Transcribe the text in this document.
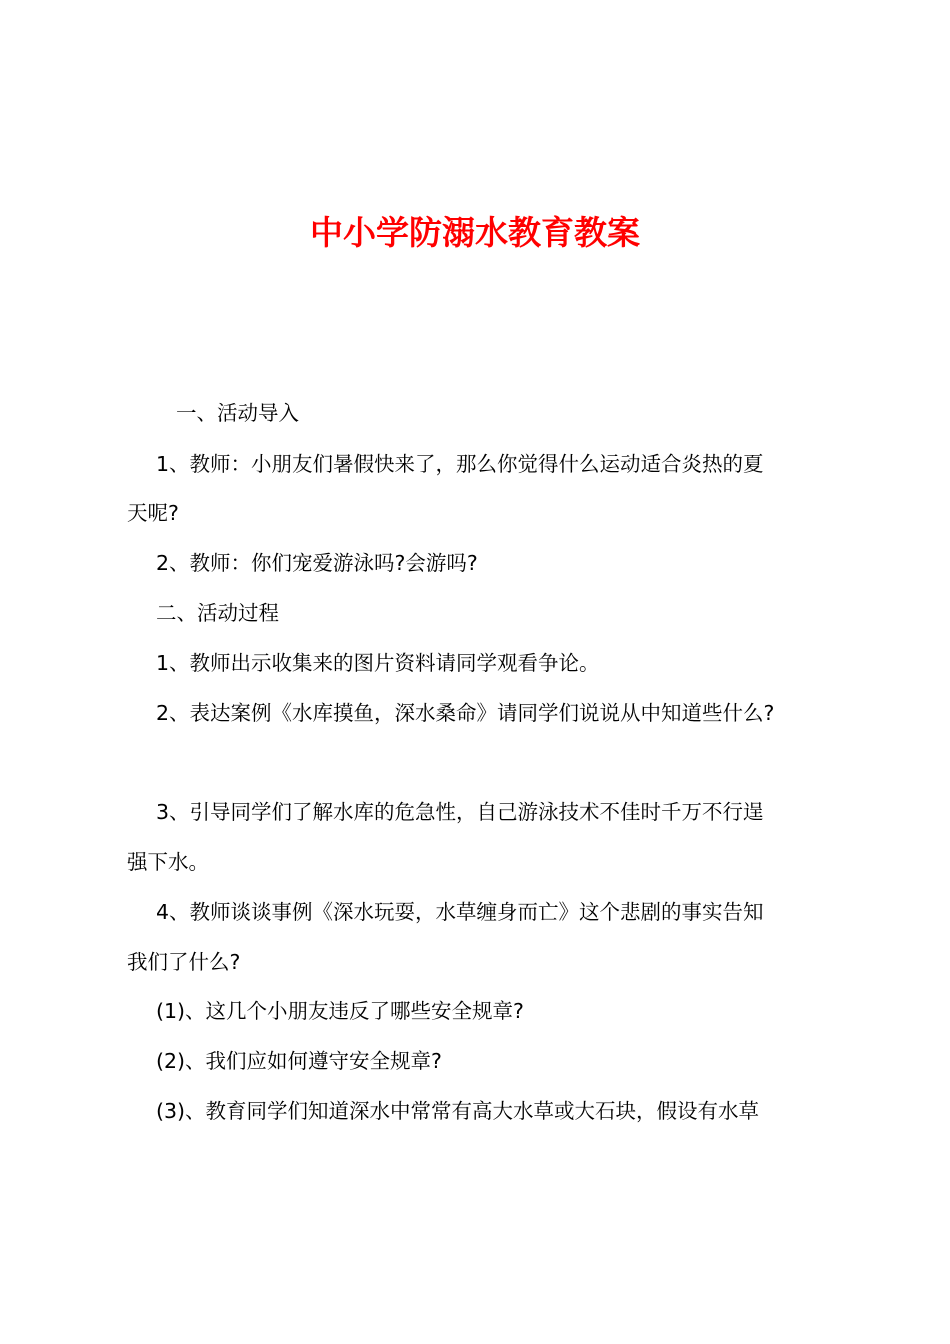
中小学防溺水教育教案

一、活动导入

1、教师：小朋友们暑假快来了，那么你觉得什么运动适合炎热的夏

天呢?

2、教师：你们宠爱游泳吗?会游吗?

二、活动过程

1、教师出示收集来的图片资料请同学观看争论。

2、表达案例《水库摸鱼，深水桑命》请同学们说说从中知道些什么?

3、引导同学们了解水库的危急性，自己游泳技术不佳时千万不行逞

强下水。

4、教师谈谈事例《深水玩耍，水草缠身而亡》这个悲剧的事实告知

我们了什么?

(1)、这几个小朋友违反了哪些安全规章?

(2)、我们应如何遵守安全规章?

(3)、教育同学们知道深水中常常有高大水草或大石块，假设有水草
